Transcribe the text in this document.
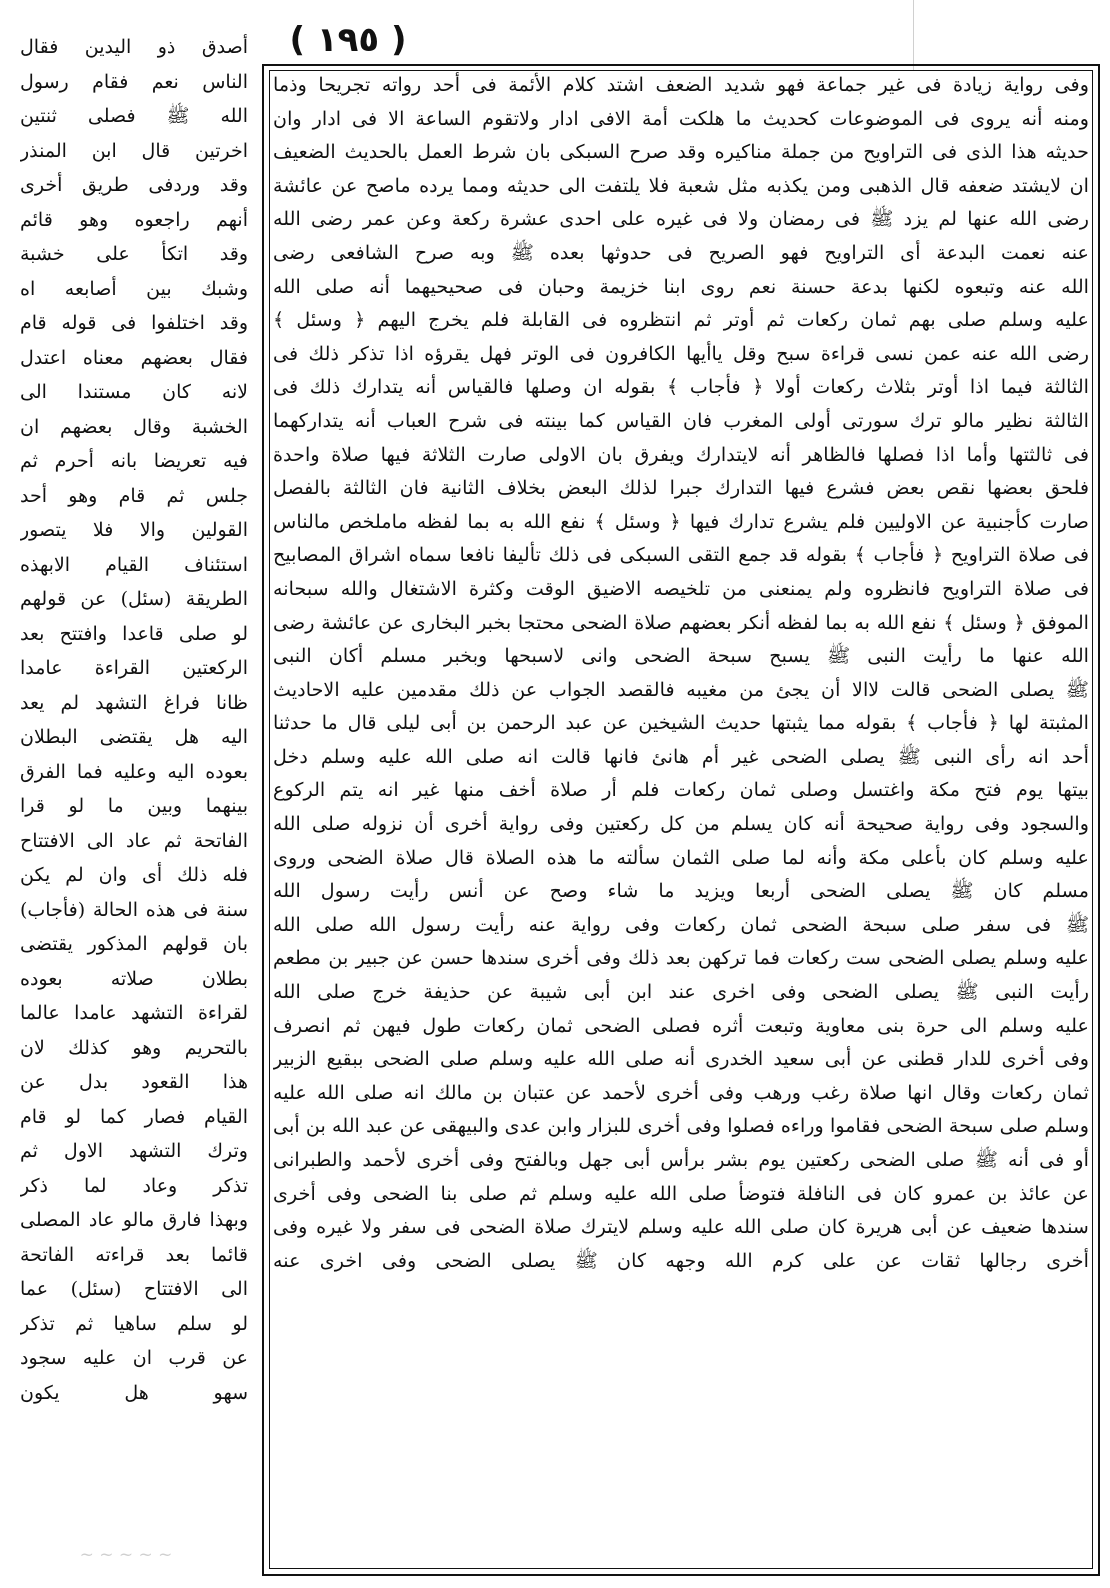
( ١٩٥ )
وفى رواية زيادة فى غير جماعة فهو شديد الضعف اشتد كلام الأئمة فى أحد رواته تجريحا وذما
ومنه أنه يروى فى الموضوعات كحديث ما هلكت أمة الافى ادار ولاتقوم الساعة الا فى ادار وان
حديثه هذا الذى فى التراويح من جملة مناكيره وقد صرح السبكى بان شرط العمل بالحديث الضعيف
ان لايشتد ضعفه قال الذهبى ومن يكذبه مثل شعبة فلا يلتفت الى حديثه ومما يرده ماصح عن عائشة
رضى الله عنها لم يزد ﷺ فى رمضان ولا فى غيره على احدى عشرة ركعة وعن عمر رضى الله
عنه نعمت البدعة أى التراويح فهو الصريح فى حدوثها بعده ﷺ وبه صرح الشافعى رضى
الله عنه وتبعوه لكنها بدعة حسنة نعم روى ابنا خزيمة وحبان فى صحيحيهما أنه صلى الله
عليه وسلم صلى بهم ثمان ركعات ثم أوتر ثم انتظروه فى القابلة فلم يخرج اليهم ﴿ وسئل ﴾
رضى الله عنه عمن نسى قراءة سبح وقل ياأيها الكافرون فى الوتر فهل يقرؤه اذا تذكر ذلك فى
الثالثة فيما اذا أوتر بثلاث ركعات أولا ﴿ فأجاب ﴾ بقوله ان وصلها فالقياس أنه يتدارك ذلك فى
الثالثة نظير مالو ترك سورتى أولى المغرب فان القياس كما بينته فى شرح العباب أنه يتداركهما
فى ثالثتها وأما اذا فصلها فالظاهر أنه لايتدارك ويفرق بان الاولى صارت الثلاثة فيها صلاة واحدة
فلحق بعضها نقص بعض فشرع فيها التدارك جبرا لذلك البعض بخلاف الثانية فان الثالثة بالفصل
صارت كأجنبية عن الاوليين فلم يشرع تدارك فيها ﴿ وسئل ﴾ نفع الله به بما لفظه ماملخص مالناس
فى صلاة التراويح ﴿ فأجاب ﴾ بقوله قد جمع التقى السبكى فى ذلك تأليفا نافعا سماه اشراق المصابيح
فى صلاة التراويح فانظروه ولم يمنعنى من تلخيصه الاضيق الوقت وكثرة الاشتغال والله سبحانه
الموفق ﴿ وسئل ﴾ نفع الله به بما لفظه أنكر بعضهم صلاة الضحى محتجا بخبر البخارى عن عائشة رضى
الله عنها ما رأيت النبى ﷺ يسبح سبحة الضحى وانى لاسبحها وبخبر مسلم أكان النبى
ﷺ يصلى الضحى قالت لاالا أن يجئ من مغيبه فالقصد الجواب عن ذلك مقدمين عليه الاحاديث
المثبتة لها ﴿ فأجاب ﴾ بقوله مما يثبتها حديث الشيخين عن عبد الرحمن بن أبى ليلى قال ما حدثنا
أحد انه رأى النبى ﷺ يصلى الضحى غير أم هانئ فانها قالت انه صلى الله عليه وسلم دخل
بيتها يوم فتح مكة واغتسل وصلى ثمان ركعات فلم أر صلاة أخف منها غير انه يتم الركوع
والسجود وفى رواية صحيحة أنه كان يسلم من كل ركعتين وفى رواية أخرى أن نزوله صلى الله
عليه وسلم كان بأعلى مكة وأنه لما صلى الثمان سألته ما هذه الصلاة قال صلاة الضحى وروى
مسلم كان ﷺ يصلى الضحى أربعا ويزيد ما شاء وصح عن أنس رأيت رسول الله
ﷺ فى سفر صلى سبحة الضحى ثمان ركعات وفى رواية عنه رأيت رسول الله صلى الله
عليه وسلم يصلى الضحى ست ركعات فما تركهن بعد ذلك وفى أخرى سندها حسن عن جبير بن مطعم
رأيت النبى ﷺ يصلى الضحى وفى اخرى عند ابن أبى شيبة عن حذيفة خرج صلى الله
عليه وسلم الى حرة بنى معاوية وتبعت أثره فصلى الضحى ثمان ركعات طول فيهن ثم انصرف
وفى أخرى للدار قطنى عن أبى سعيد الخدرى أنه صلى الله عليه وسلم صلى الضحى ببقيع الزبير
ثمان ركعات وقال انها صلاة رغب ورهب وفى أخرى لأحمد عن عتبان بن مالك انه صلى الله عليه
وسلم صلى سبحة الضحى فقاموا وراءه فصلوا وفى أخرى للبزار وابن عدى والبيهقى عن عبد الله بن أبى
أو فى أنه ﷺ صلى الضحى ركعتين يوم بشر برأس أبى جهل وبالفتح وفى أخرى لأحمد والطبرانى
عن عائذ بن عمرو كان فى النافلة فتوضأ صلى الله عليه وسلم ثم صلى بنا الضحى وفى أخرى
سندها ضعيف عن أبى هريرة كان صلى الله عليه وسلم لايترك صلاة الضحى فى سفر ولا غيره وفى
أخرى رجالها ثقات عن على كرم الله وجهه كان ﷺ يصلى الضحى وفى اخرى عنه
أصدق ذو اليدين فقال
الناس نعم فقام رسول
الله ﷺ فصلى ثنتين
اخرتين قال ابن المنذر
وقد وردفى طريق أخرى
أنهم راجعوه وهو قائم
وقد اتكأ على خشبة
وشبك بين أصابعه اه
وقد اختلفوا فى قوله قام
فقال بعضهم معناه اعتدل
لانه كان مستندا الى
الخشبة وقال بعضهم ان
فيه تعريضا بانه أحرم ثم
جلس ثم قام وهو أحد
القولين والا فلا يتصور
استئناف القيام الابهذه
الطريقة (سئل) عن قولهم
لو صلى قاعدا وافتتح بعد
الركعتين القراءة عامدا
ظانا فراغ التشهد لم يعد
اليه هل يقتضى البطلان
بعوده اليه وعليه فما الفرق
بينهما وبين ما لو قرا
الفاتحة ثم عاد الى الافتتاح
فله ذلك أى وان لم يكن
سنة فى هذه الحالة (فأجاب)
بان قولهم المذكور يقتضى
بطلان صلاته بعوده
لقراءة التشهد عامدا عالما
بالتحريم وهو كذلك لان
هذا القعود بدل عن
القيام فصار كما لو قام
وترك التشهد الاول ثم
تذكر وعاد لما ذكر
وبهذا فارق مالو عاد المصلى
قائما بعد قراءته الفاتحة
الى الافتتاح (سئل) عما
لو سلم ساهيا ثم تذكر
عن قرب ان عليه سجود
سهو هل يكون
~ ~ ~ ~ ~
